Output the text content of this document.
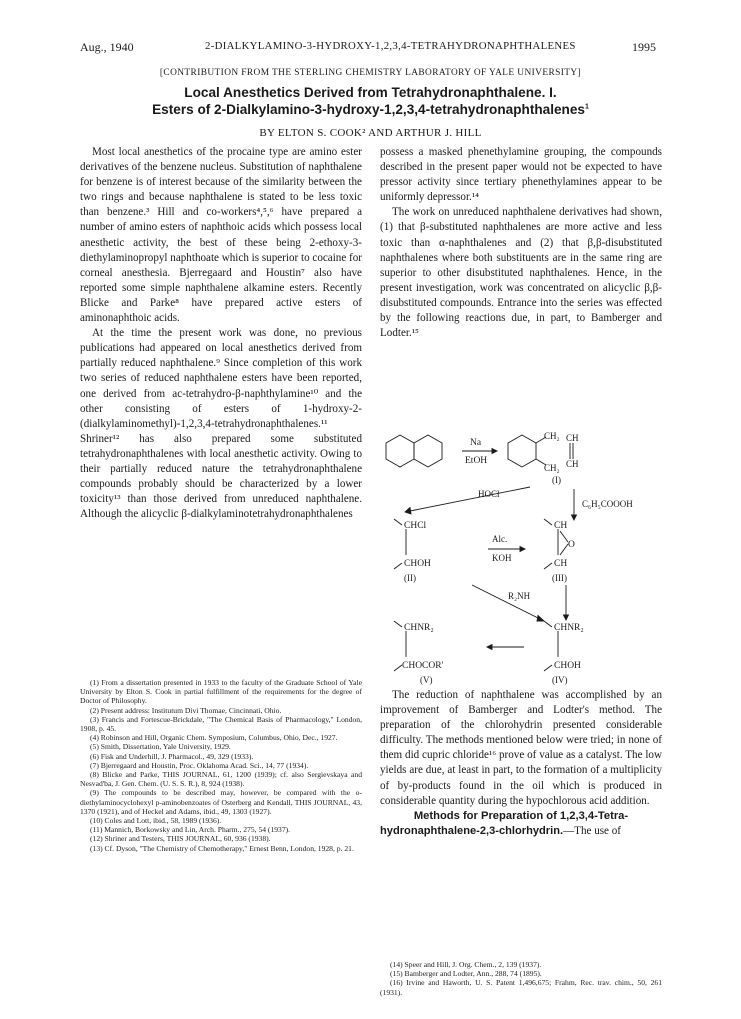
Aug., 1940	2-DIALKYLAMINO-3-HYDROXY-1,2,3,4-TETRAHYDRONAPHTHALENES	1995
[CONTRIBUTION FROM THE STERLING CHEMISTRY LABORATORY OF YALE UNIVERSITY]
Local Anesthetics Derived from Tetrahydronaphthalene. I.
Esters of 2-Dialkylamino-3-hydroxy-1,2,3,4-tetrahydronaphthalenes$^1$
BY ELTON S. COOK² AND ARTHUR J. HILL

Most local anesthetics of the procaine type are amino ester derivatives of the benzene nucleus. Substitution of naphthalene for benzene is of interest because of the similarity between the two rings and because naphthalene is stated to be less toxic than benzene.³ Hill and co-workers⁴,⁵,⁶ have prepared a number of amino esters of naphthoic acids which possess local anesthetic activity, the best of these being 2-ethoxy-3-diethylaminopropyl naphthoate which is superior to cocaine for corneal anesthesia. Bjerregaard and Houstin⁷ also have reported some simple naphthalene alkamine esters. Recently Blicke and Parke⁸ have prepared active esters of aminonaphthoic acids.

At the time the present work was done, no previous publications had appeared on local anesthetics derived from partially reduced naphthalene.⁹ Since completion of this work two series of reduced naphthalene esters have been reported, one derived from ac-tetrahydro-β-naphthylamine¹⁰ and the other consisting of esters of 1-hydroxy-2-(dialkylaminomethyl)-1,2,3,4-tetrahydronaphthalenes.¹¹ Shriner¹² has also prepared some substituted tetrahydronaphthalenes with local anesthetic activity. Owing to their partially reduced nature the tetrahydronaphthalene compounds probably should be characterized by a lower toxicity¹³ than those derived from unreduced naphthalene. Although the alicyclic β-dialkylaminotetrahydronaphthalenes

(1) From a dissertation presented in 1933 to the faculty of the Graduate School of Yale University by Elton S. Cook in partial fulfillment of the requirements for the degree of Doctor of Philosophy.
(2) Present address: Institutum Divi Thomae, Cincinnati, Ohio.
(3) Francis and Fortescue-Brickdale, "The Chemical Basis of Pharmacology," London, 1908, p. 45.
(4) Robinson and Hill, Organic Chem. Symposium, Columbus, Ohio, Dec., 1927.
(5) Smith, Dissertation, Yale University, 1929.
(6) Fisk and Underhill, J. Pharmacol., 49, 329 (1933).
(7) Bjerregaard and Houstin, Proc. Oklahoma Acad. Sci., 14, 77 (1934).
(8) Blicke and Parke, THIS JOURNAL, 61, 1200 (1939); cf. also Sergievskaya and Nesvad'ba, J. Gen. Chem. (U. S. S. R.), 8, 924 (1938).
(9) The compounds to be described may, however, be compared with the o-diethylaminocyclohexyl p-aminobenzoates of Osterberg and Kendall, THIS JOURNAL, 43, 1370 (1921), and of Heckel and Adams, ibid., 49, 1303 (1927).
(10) Coles and Lott, ibid., 58, 1989 (1936).
(11) Mannich, Borkowsky and Lin, Arch. Pharm., 275, 54 (1937).
(12) Shriner and Testers, THIS JOURNAL, 60, 936 (1938).
(13) Cf. Dyson, "The Chemistry of Chemotherapy," Ernest Benn, London, 1928, p. 21.

possess a masked phenethylamine grouping, the compounds described in the present paper would not be expected to have pressor activity since tertiary phenethylamines appear to be uniformly depressor.¹⁴

The work on unreduced naphthalene derivatives had shown, (1) that β-substituted naphthalenes are more active and less toxic than α-naphthalenes and (2) that β,β-disubstituted naphthalenes where both substituents are in the same ring are superior to other disubstituted naphthalenes. Hence, in the present investigation, work was concentrated on alicyclic β,β-disubstituted compounds. Entrance into the series was effected by the following reactions due, in part, to Bamberger and Lodter.¹⁵

Na
EtOH
CH₂ CH
CH₂ CH
(I)
HOCl
C₆H₅COOOH
CHCl
CHOH
(II)
Alc.
KOH
CH
O
CH
(III)
R₂NH
CHNR₂
CHOCOR'
(V)
CHNR₂
CHOH
(IV)

The reduction of naphthalene was accomplished by an improvement of Bamberger and Lodter's method. The preparation of the chlorohydrin presented considerable difficulty. The methods mentioned below were tried; in none of them did cupric chloride¹⁶ prove of value as a catalyst. The low yields are due, at least in part, to the formation of a multiplicity of by-products found in the oil which is produced in considerable quantity during the hypochlorous acid addition.

Methods for Preparation of 1,2,3,4-Tetra-

hydronaphthalene-2,3-chlorhydrin.—The use of

(14) Speer and Hill, J. Org. Chem., 2, 139 (1937).
(15) Bamberger and Lodter, Ann., 288, 74 (1895).
(16) Irvine and Haworth, U. S. Patent 1,496,675; Frahm, Rec. trav. chim., 50, 261 (1931).
